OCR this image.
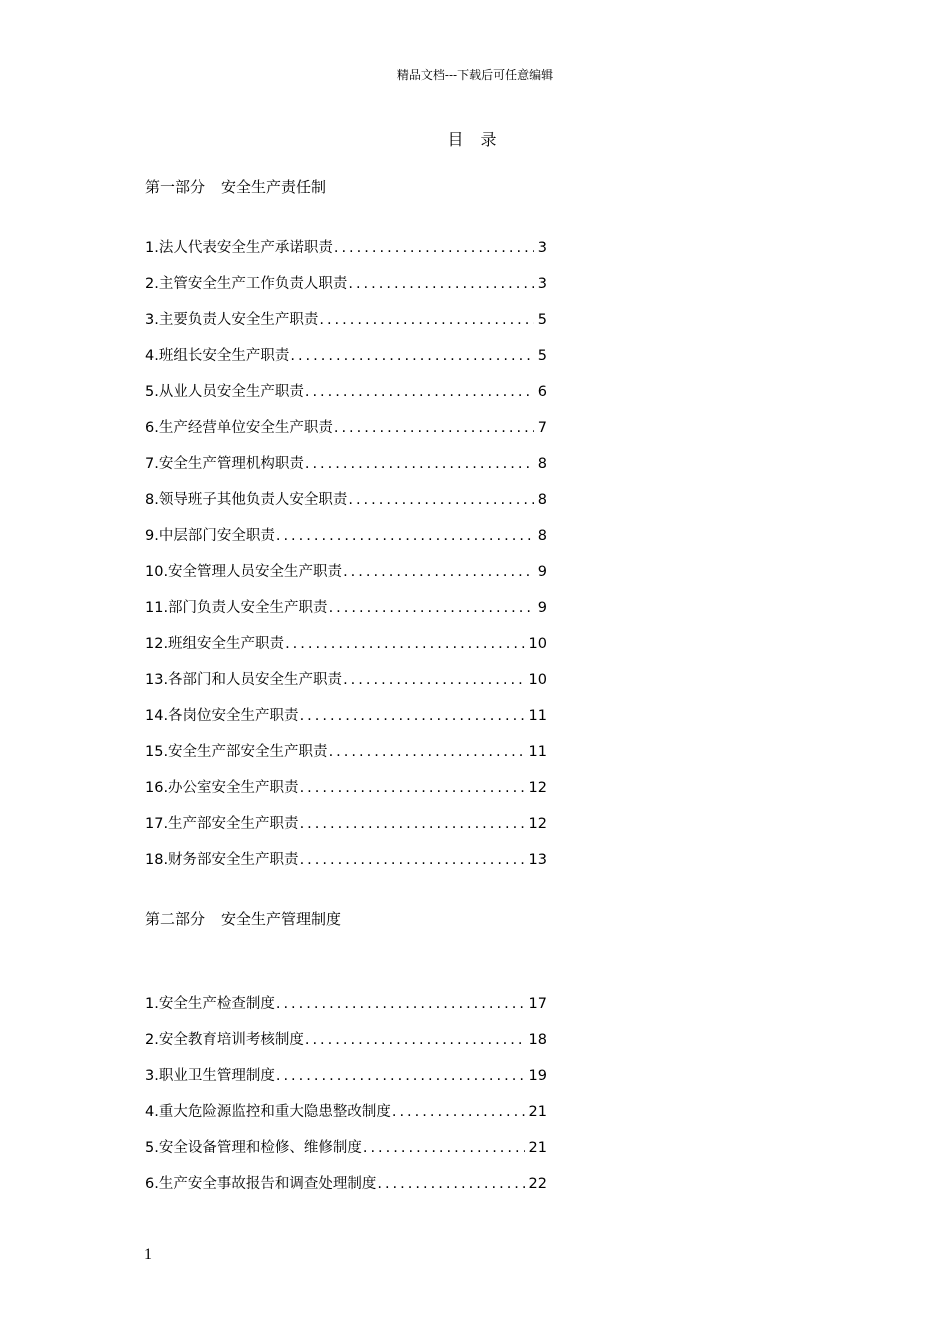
精品文档---下载后可任意编辑
目 录
第一部分 安全生产责任制
1.法人代表安全生产承诺职责 .....	3
2.主管安全生产工作负责人职责 .....	3
3.主要负责人安全生产职责 .....	5
4.班组长安全生产职责 .....	5
5.从业人员安全生产职责 .....	6
6.生产经营单位安全生产职责 .....	7
7.安全生产管理机构职责 .....	8
8.领导班子其他负责人安全职责 .....	8
9.中层部门安全职责 .....	8
10.安全管理人员安全生产职责 .....	9
11.部门负责人安全生产职责 .....	9
12.班组安全生产职责 .....	10
13.各部门和人员安全生产职责 .....	10
14.各岗位安全生产职责 .....	11
15.安全生产部安全生产职责 .....	11
16.办公室安全生产职责 .....	12
17.生产部安全生产职责 .....	12
18.财务部安全生产职责 .....	13
第二部分 安全生产管理制度
1.安全生产检查制度 .....	17
2.安全教育培训考核制度 .....	18
3.职业卫生管理制度 .....	19
4.重大危险源监控和重大隐患整改制度 .....	21
5.安全设备管理和检修、维修制度 .....	21
6.生产安全事故报告和调查处理制度 .....	22
1
